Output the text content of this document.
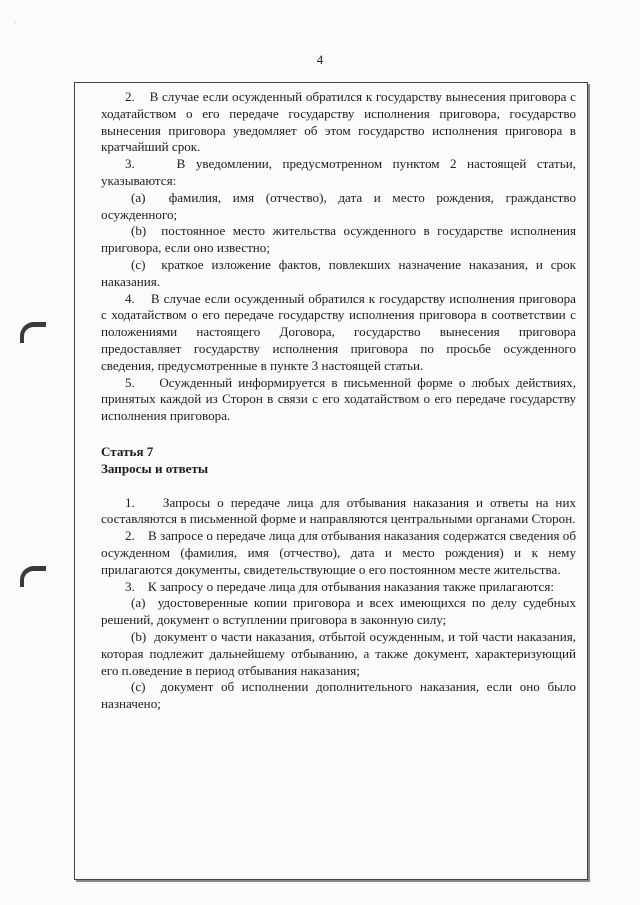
′	·
4

2.    В случае если осужденный обратился к государству вынесения приговора с ходатайством о его передаче государству исполнения приговора, государство вынесения приговора уведомляет об этом государство исполнения приговора в кратчайший срок.

3.    В уведомлении, предусмотренном пунктом 2 настоящей статьи, указываются:

(a)  фамилия, имя (отчество), дата и место рождения, гражданство осужденного;

(b)  постоянное место жительства осужденного в государстве исполнения приговора, если оно известно;

(c)  краткое изложение фактов, повлекших назначение наказания, и срок наказания.

4.    В случае если осужденный обратился к государству исполнения приговора с ходатайством о его передаче государству исполнения приговора в соответствии с положениями настоящего Договора, государство вынесения приговора предоставляет государству исполнения приговора по просьбе осужденного сведения, предусмотренные в пункте 3 настоящей статьи.

5.    Осужденный информируется в письменной форме о любых действиях, принятых каждой из Сторон в связи с его ходатайством о его передаче государству исполнения приговора.

Статья 7

Запросы и ответы

1.    Запросы о передаче лица для отбывания наказания и ответы на них составляются в письменной форме и направляются центральными органами Сторон.

2.    В запросе о передаче лица для отбывания наказания содержатся сведения об осужденном (фамилия, имя (отчество), дата и место рождения) и к нему прилагаются документы, свидетельствующие о его постоянном месте жительства.

3.    К запросу о передаче лица для отбывания наказания также прилагаются:

(a)  удостоверенные копии приговора и всех имеющихся по делу судебных решений, документ о вступлении приговора в законную силу;

(b)  документ о части наказания, отбытой осужденным, и той части наказания, которая подлежит дальнейшему отбыванию, а также документ, характеризующий его п.оведение в период отбывания наказания;

(c)  документ об исполнении дополнительного наказания, если оно было назначено;
